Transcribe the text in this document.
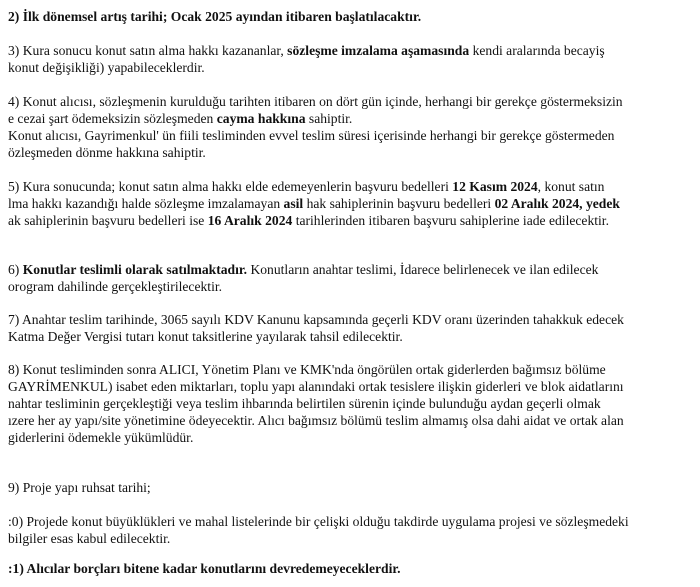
2) İlk dönemsel artış tarihi; Ocak 2025 ayından itibaren başlatılacaktır.
3) Kura sonucu konut satın alma hakkı kazananlar, sözleşme imzalama aşamasında kendi aralarında becayiş
konut değişikliği) yapabileceklerdir.
4) Konut alıcısı, sözleşmenin kurulduğu tarihten itibaren on dört gün içinde, herhangi bir gerekçe göstermeksizin
e cezai şart ödemeksizin sözleşmeden cayma hakkına sahiptir.
Konut alıcısı, Gayrimenkul' ün fiili tesliminden evvel teslim süresi içerisinde herhangi bir gerekçe göstermeden
özleşmeden dönme hakkına sahiptir.
5) Kura sonucunda; konut satın alma hakkı elde edemeyenlerin başvuru bedelleri 12 Kasım 2024, konut satın
lma hakkı kazandığı halde sözleşme imzalamayan asil hak sahiplerinin başvuru bedelleri 02 Aralık 2024, yedek
ak sahiplerinin başvuru bedelleri ise 16 Aralık 2024 tarihlerinden itibaren başvuru sahiplerine iade edilecektir.
6) Konutlar teslimli olarak satılmaktadır. Konutların anahtar teslimi, İdarece belirlenecek ve ilan edilecek
orogram dahilinde gerçekleştirilecektir.
7) Anahtar teslim tarihinde, 3065 sayılı KDV Kanunu kapsamında geçerli KDV oranı üzerinden tahakkuk edecek
Katma Değer Vergisi tutarı konut taksitlerine yayılarak tahsil edilecektir.
8) Konut tesliminden sonra ALICI, Yönetim Planı ve KMK'nda öngörülen ortak giderlerden bağımsız bölüme
GAYRİMENKUL) isabet eden miktarları, toplu yapı alanındaki ortak tesislere ilişkin giderleri ve blok aidatlarını
nahtar tesliminin gerçekleştiği veya teslim ihbarında belirtilen sürenin içinde bulunduğu aydan geçerli olmak
ızere her ay yapı/site yönetimine ödeyecektir. Alıcı bağımsız bölümü teslim almamış olsa dahi aidat ve ortak alan
giderlerini ödemekle yükümlüdür.
9) Proje yapı ruhsat tarihi;
:0) Projede konut büyüklükleri ve mahal listelerinde bir çelişki olduğu takdirde uygulama projesi ve sözleşmedeki
bilgiler esas kabul edilecektir.
:1) Alıcılar borçları bitene kadar konutlarını devredemeyeceklerdir.
